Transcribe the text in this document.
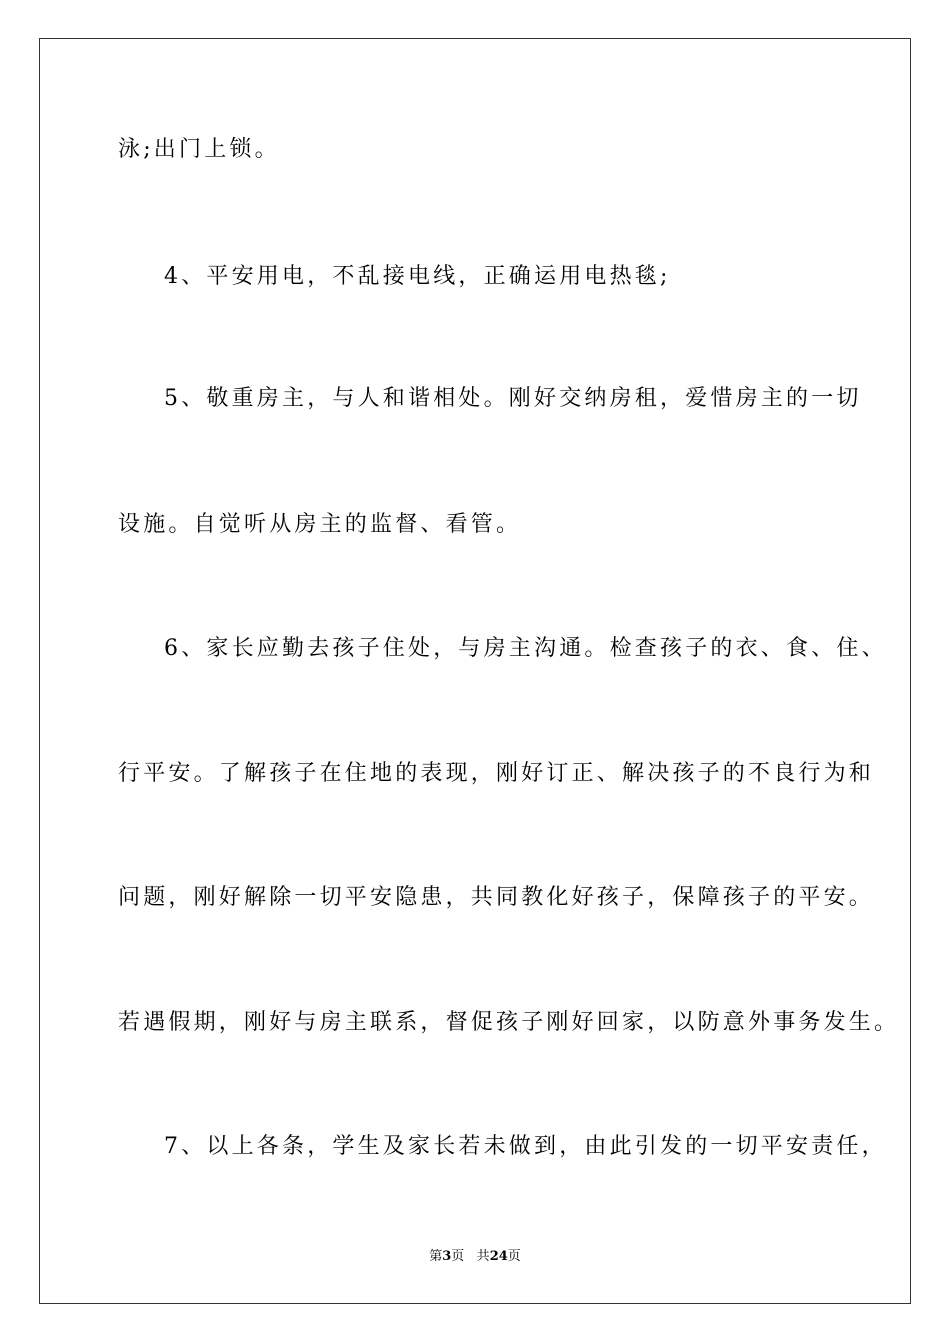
泳;出门上锁。
4、平安用电，不乱接电线，正确运用电热毯;
5、敬重房主，与人和谐相处。刚好交纳房租，爱惜房主的一切
设施。自觉听从房主的监督、看管。
6、家长应勤去孩子住处，与房主沟通。检查孩子的衣、食、住、
行平安。了解孩子在住地的表现，刚好订正、解决孩子的不良行为和
问题，刚好解除一切平安隐患，共同教化好孩子，保障孩子的平安。
若遇假期，刚好与房主联系，督促孩子刚好回家，以防意外事务发生。
7、以上各条，学生及家长若未做到，由此引发的一切平安责任，
第3页 共24页
